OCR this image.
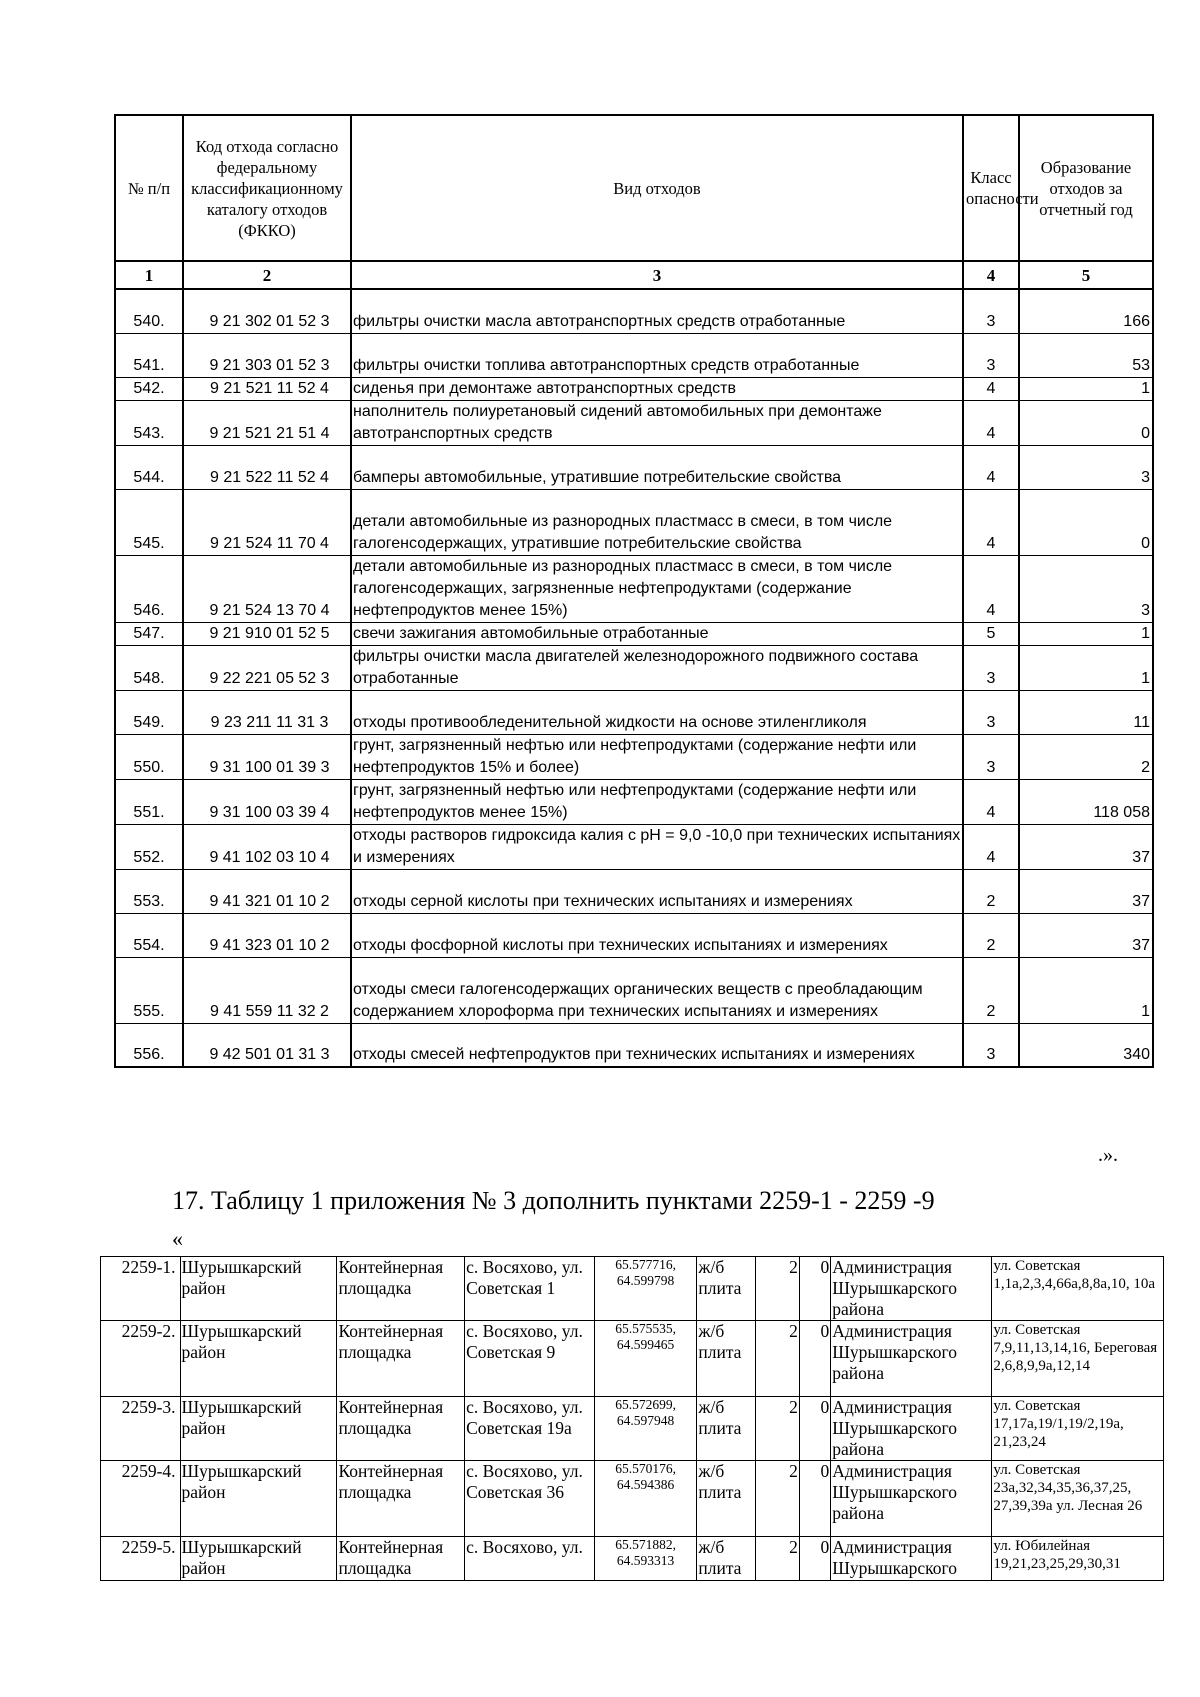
№ п/п	Код отхода согласно федеральному классификационному каталогу отходов (ФККО)	Вид отходов	Класс опасности	Образование отходов за отчетный год
1	2	3	4	5
540.	9 21 302 01 52 3	фильтры очистки масла автотранспортных средств отработанные	3	166
541.	9 21 303 01 52 3	фильтры очистки топлива автотранспортных средств отработанные	3	53
542.	9 21 521 11 52 4	сиденья при демонтаже автотранспортных средств	4	1
543.	9 21 521 21 51 4	наполнитель полиуретановый сидений автомобильных при демонтаже автотранспортных средств	4	0
544.	9 21 522 11 52 4	бамперы автомобильные, утратившие потребительские свойства	4	3
545.	9 21 524 11 70 4	детали автомобильные из разнородных пластмасс в смеси, в том числе галогенсодержащих, утратившие потребительские свойства	4	0
546.	9 21 524 13 70 4	детали автомобильные из разнородных пластмасс в смеси, в том числе галогенсодержащих, загрязненные нефтепродуктами (содержание нефтепродуктов менее 15%)	4	3
547.	9 21 910 01 52 5	свечи зажигания автомобильные отработанные	5	1
548.	9 22 221 05 52 3	фильтры очистки масла двигателей железнодорожного подвижного состава отработанные	3	1
549.	9 23 211 11 31 3	отходы противообледенительной жидкости на основе этиленгликоля	3	11
550.	9 31 100 01 39 3	грунт, загрязненный нефтью или нефтепродуктами (содержание нефти или нефтепродуктов 15% и более)	3	2
551.	9 31 100 03 39 4	грунт, загрязненный нефтью или нефтепродуктами (содержание нефти или нефтепродуктов менее 15%)	4	118 058
552.	9 41 102 03 10 4	отходы растворов гидроксида калия с pH = 9,0 -10,0 при технических испытаниях и измерениях	4	37
553.	9 41 321 01 10 2	отходы серной кислоты при технических испытаниях и измерениях	2	37
554.	9 41 323 01 10 2	отходы фосфорной кислоты при технических испытаниях и измерениях	2	37
555.	9 41 559 11 32 2	отходы смеси галогенсодержащих органических веществ с преобладающим содержанием хлороформа при технических испытаниях и измерениях	2	1
556.	9 42 501 01 31 3	отходы смесей нефтепродуктов при технических испытаниях и измерениях	3	340
.».
17. Таблицу 1 приложения № 3 дополнить пунктами 2259-1 - 2259 -9
«
2259-1.	Шурышкарский район	Контейнерная площадка	с. Восяхово, ул. Советская 1	65.577716, 64.599798	ж/б плита	2	0	Администрация Шурышкарского района	ул. Советская 1,1а,2,3,4,66а,8,8а,10, 10а
2259-2.	Шурышкарский район	Контейнерная площадка	с. Восяхово, ул. Советская 9	65.575535, 64.599465	ж/б плита	2	0	Администрация Шурышкарского района	ул. Советская 7,9,11,13,14,16, Береговая 2,6,8,9,9а,12,14
2259-3.	Шурышкарский район	Контейнерная площадка	с. Восяхово, ул. Советская 19а	65.572699, 64.597948	ж/б плита	2	0	Администрация Шурышкарского района	ул. Советская 17,17а,19/1,19/2,19а, 21,23,24
2259-4.	Шурышкарский район	Контейнерная площадка	с. Восяхово, ул. Советская 36	65.570176, 64.594386	ж/б плита	2	0	Администрация Шурышкарского района	ул. Советская 23а,32,34,35,36,37,25, 27,39,39а ул. Лесная 26
2259-5.	Шурышкарский район	Контейнерная площадка	с. Восяхово, ул.	65.571882, 64.593313	ж/б плита	2	0	Администрация Шурышкарского	ул. Юбилейная 19,21,23,25,29,30,31
